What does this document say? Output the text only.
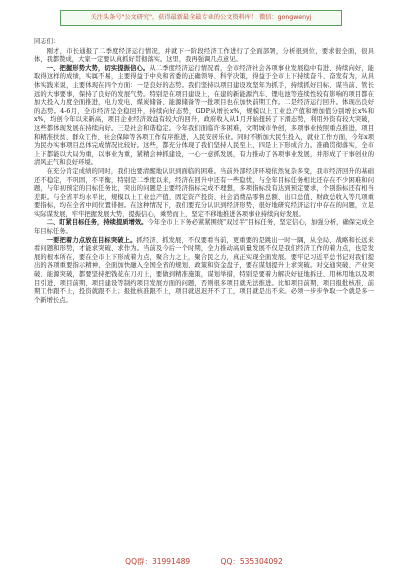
关注头条号"公文研究"，获得最新最全最专业的公文资料库！ 微信：gongwenyj

同志们：

刚才，市长通报了二季度经济运行情况，并就下一阶段经济工作进行了全面部署，分析很到位，要求很全面，很具体，我都赞成，大家一定要认真抓好贯彻落实。这里，我再强调几点意见。

一、把握形势大势，切实提振信心。从二季度经济运行情况看，全市经济社会各项事业发展稳中有进、持续向好，能取得这样的成绩，实属不易，主要得益于中央和省委的正确领导、科学决策，得益于全市上下持续奋斗、奋发有为，从具体实践来说，主要体现在四个方面：一是良好的态势。我们坚持以项目建设攻坚年为抓手，持续抓好目标、谋当前、管长远的大事要事，保持了良好的发展气势。特别是在项目建设上，在建的新能源汽车、锂电池等连续性较有影响的项目都在加大投入力度全面推进，电力发电、煤炭储备、能源储备等一批项目也在加快前期工作。二是经济运行回升。体现出良好的态势。4-6月，全市经济呈全稳回升，持续向好态势，GDP从增长x%，规模以上工业总产值和增加值分别增长x%和x%，均创今年以来新高，项目企业经济效益有较大的回升，政府收入从1月开始扭转了下滑态势，利用外资有较大突破，这些都体现发展在持续向好。三是社会和谐稳定。今年我们面临许多困难，文明城市争创，多项事业按照重点推进，项目和精准扶贫、群众工作、社会保障等各项工作有序推进，人民安居乐业。同时不断加大民生投入，就业工作方面，今年x项为民办实事项目总体完成情况比较好。这些，都充分体现了我们坚持人民至上，四是上下形成合力。准确贯彻落实，全市上下都能以大局为重，以事业为重，紧精会神抓建设，一心一意抓发展，有力推动了各项事业发展，并形成了干事创业的清风正气和良好环境。

在充分肯定成绩的同时，我们也要清醒地认识到面临的困难。当前外部经济环境依然复杂多变，我市经济回升的基础还不稳定，不巩固，不平衡，特别是二季度以来，经济在回升中还有一些隐忧，与全年目标任务相比还存在不少困难和问题，与年初预定的目标任务比，突出的问题是主要经济指标完成不理想，多项指标没有达到预定要求，个别指标还有相当差距。与全省平均水平比，规模以上工业总产值、固定资产投资、社会消费品零售总额、出口总值、财政总收入等几项重要指标，均在全省中间位置徘徊。在这种情况下，我们要充分认识到经济形势，很好地研究经济运行中存在的问题，立足实际谋发展，牢牢把握发展大势，提振信心，乘势而上，坚定不移地推进各项事业持续向好发展。

二、盯紧目标任务，持续提质增效。今年全市上下务必紧紧围绕"双过半"目标任务，坚定信心，加强分析，确保完成全年目标任务。

一要把着力点放在目标突破上。抓经济、抓发展，不仅要看当前，更重要的是跳出一时一隅，从全局、战略和长远来看问题和形势，才能求突破、求作为。当前及今后一个时期，全力推动高质量发展不仅是我们经济工作的着力点，也是发展的根本所在，要在全市上下形成着力点，聚合力之上，聚合民之力，真正实现全面发展。要牢记习近平总书记对我们提出的各项重要指示精神，全面加快融入全国全省的规划、政策和资金盘子，要在谋划提升上求突破。对交通突破、产业突破、能源突破，都要坚持把钱花在刀刃上，要做到精准施策，谋划举措，特别是要着力解决好征地拆迁、用林用地以及项目引进、项目前期、项目建设等制约项目发展方面的问题，否则很多项目就无法推进。比如项目前期、项目报批核准、前期工作跟不上，投资就跟不上；报批核准跟不上，项目就迟迟开不了工，项目就是出不来。必须一步步争取一个就是多一个新增长点。

QQ群：31991489	QQ：535304092
